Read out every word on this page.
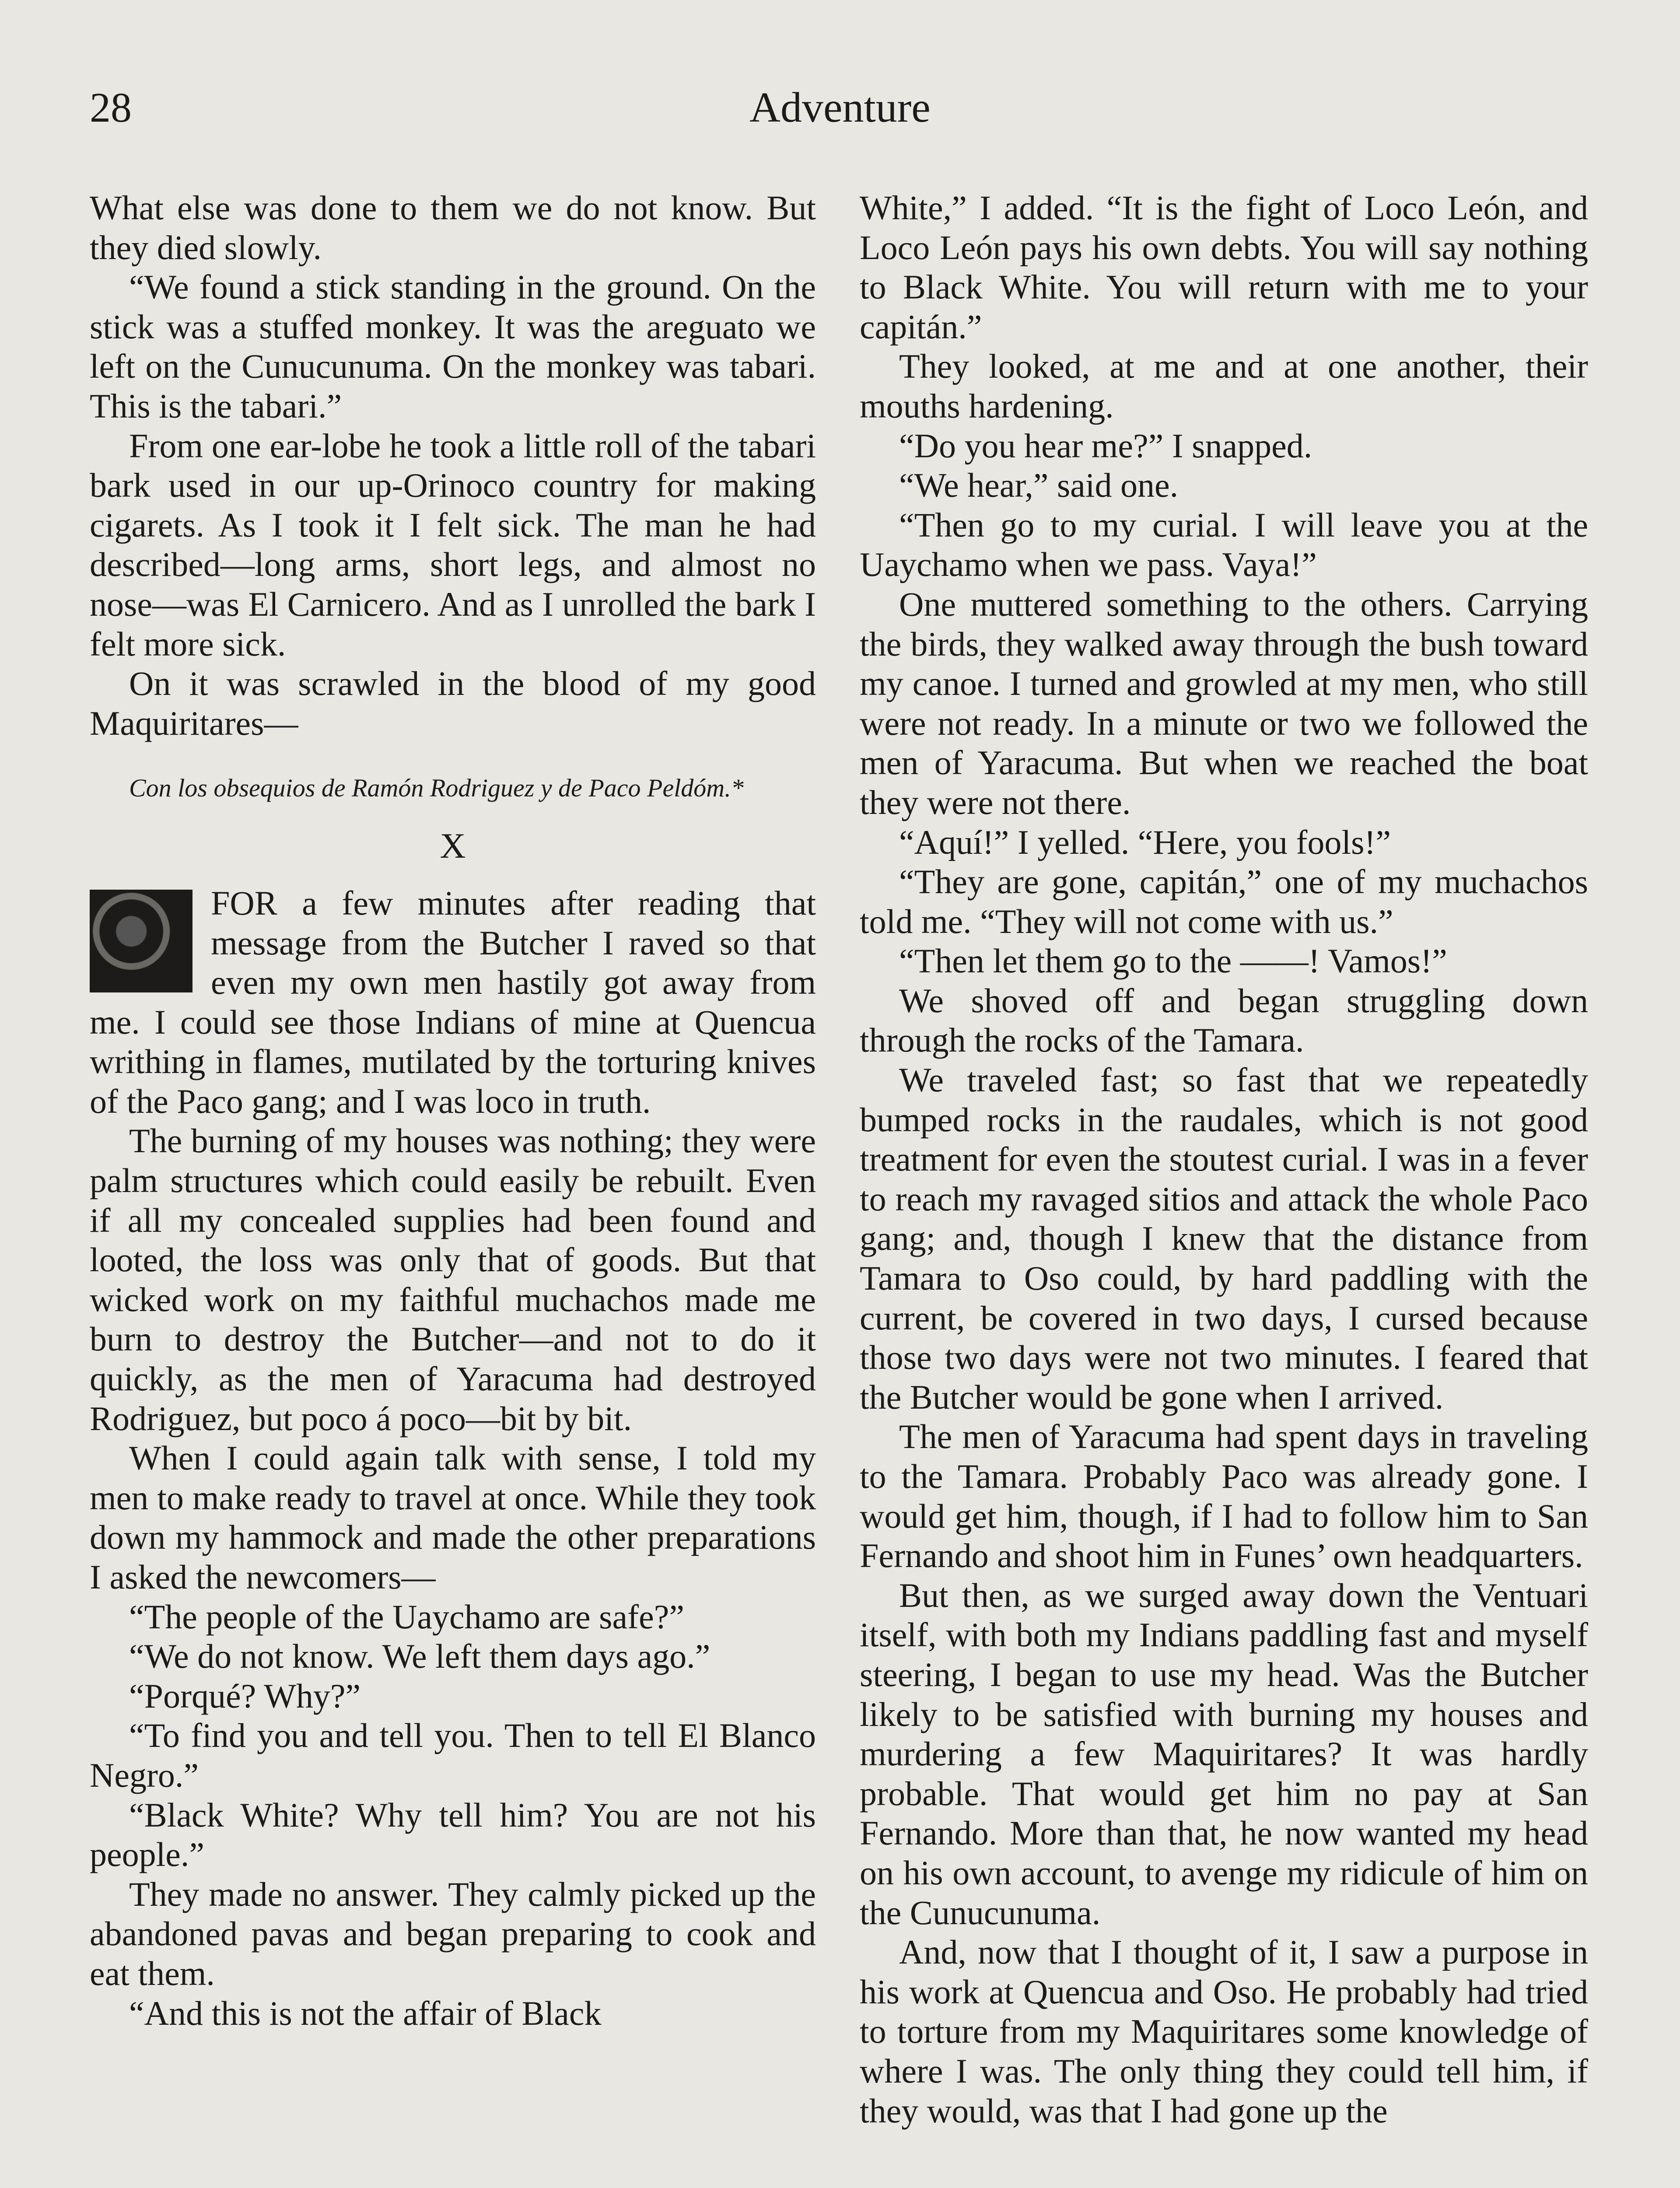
28	Adventure

What else was done to them we do not know. But they died slowly.

“We found a stick standing in the ground. On the stick was a stuffed monkey. It was the areguato we left on the Cunucunuma. On the monkey was tabari. This is the tabari.”

From one ear-lobe he took a little roll of the tabari bark used in our up-Orinoco country for making cigarets. As I took it I felt sick. The man he had described—long arms, short legs, and almost no nose—was El Carnicero. And as I unrolled the bark I felt more sick.

On it was scrawled in the blood of my good Maquiritares—

Con los obsequios de Ramón Rodriguez y de Paco Peldóm.*

X

FOR a few minutes after reading that message from the Butcher I raved so that even my own men hastily got away from me. I could see those Indians of mine at Quencua writhing in flames, mutilated by the torturing knives of the Paco gang; and I was loco in truth.

The burning of my houses was nothing; they were palm structures which could easily be rebuilt. Even if all my concealed supplies had been found and looted, the loss was only that of goods. But that wicked work on my faithful muchachos made me burn to destroy the Butcher—and not to do it quickly, as the men of Yaracuma had destroyed Rodriguez, but poco á poco—bit by bit.

When I could again talk with sense, I told my men to make ready to travel at once. While they took down my hammock and made the other preparations I asked the newcomers—

“The people of the Uaychamo are safe?”

“We do not know. We left them days ago.”

“Porqué? Why?”

“To find you and tell you. Then to tell El Blanco Negro.”

“Black White? Why tell him? You are not his people.”

They made no answer. They calmly picked up the abandoned pavas and began preparing to cook and eat them.

“And this is not the affair of Black

White,” I added. “It is the fight of Loco León, and Loco León pays his own debts. You will say nothing to Black White. You will return with me to your capitán.”

They looked, at me and at one another, their mouths hardening.

“Do you hear me?” I snapped.

“We hear,” said one.

“Then go to my curial. I will leave you at the Uaychamo when we pass. Vaya!”

One muttered something to the others. Carrying the birds, they walked away through the bush toward my canoe. I turned and growled at my men, who still were not ready. In a minute or two we followed the men of Yaracuma. But when we reached the boat they were not there.

“Aquí!” I yelled. “Here, you fools!”

“They are gone, capitán,” one of my muchachos told me. “They will not come with us.”

“Then let them go to the ——! Vamos!”

We shoved off and began struggling down through the rocks of the Tamara.

We traveled fast; so fast that we repeatedly bumped rocks in the raudales, which is not good treatment for even the stoutest curial. I was in a fever to reach my ravaged sitios and attack the whole Paco gang; and, though I knew that the distance from Tamara to Oso could, by hard paddling with the current, be covered in two days, I cursed because those two days were not two minutes. I feared that the Butcher would be gone when I arrived.

The men of Yaracuma had spent days in traveling to the Tamara. Probably Paco was already gone. I would get him, though, if I had to follow him to San Fernando and shoot him in Funes’ own headquarters.

But then, as we surged away down the Ventuari itself, with both my Indians paddling fast and myself steering, I began to use my head. Was the Butcher likely to be satisfied with burning my houses and murdering a few Maquiritares? It was hardly probable. That would get him no pay at San Fernando. More than that, he now wanted my head on his own account, to avenge my ridicule of him on the Cunucunuma.

And, now that I thought of it, I saw a purpose in his work at Quencua and Oso. He probably had tried to torture from my Maquiritares some knowledge of where I was. The only thing they could tell him, if they would, was that I had gone up the
